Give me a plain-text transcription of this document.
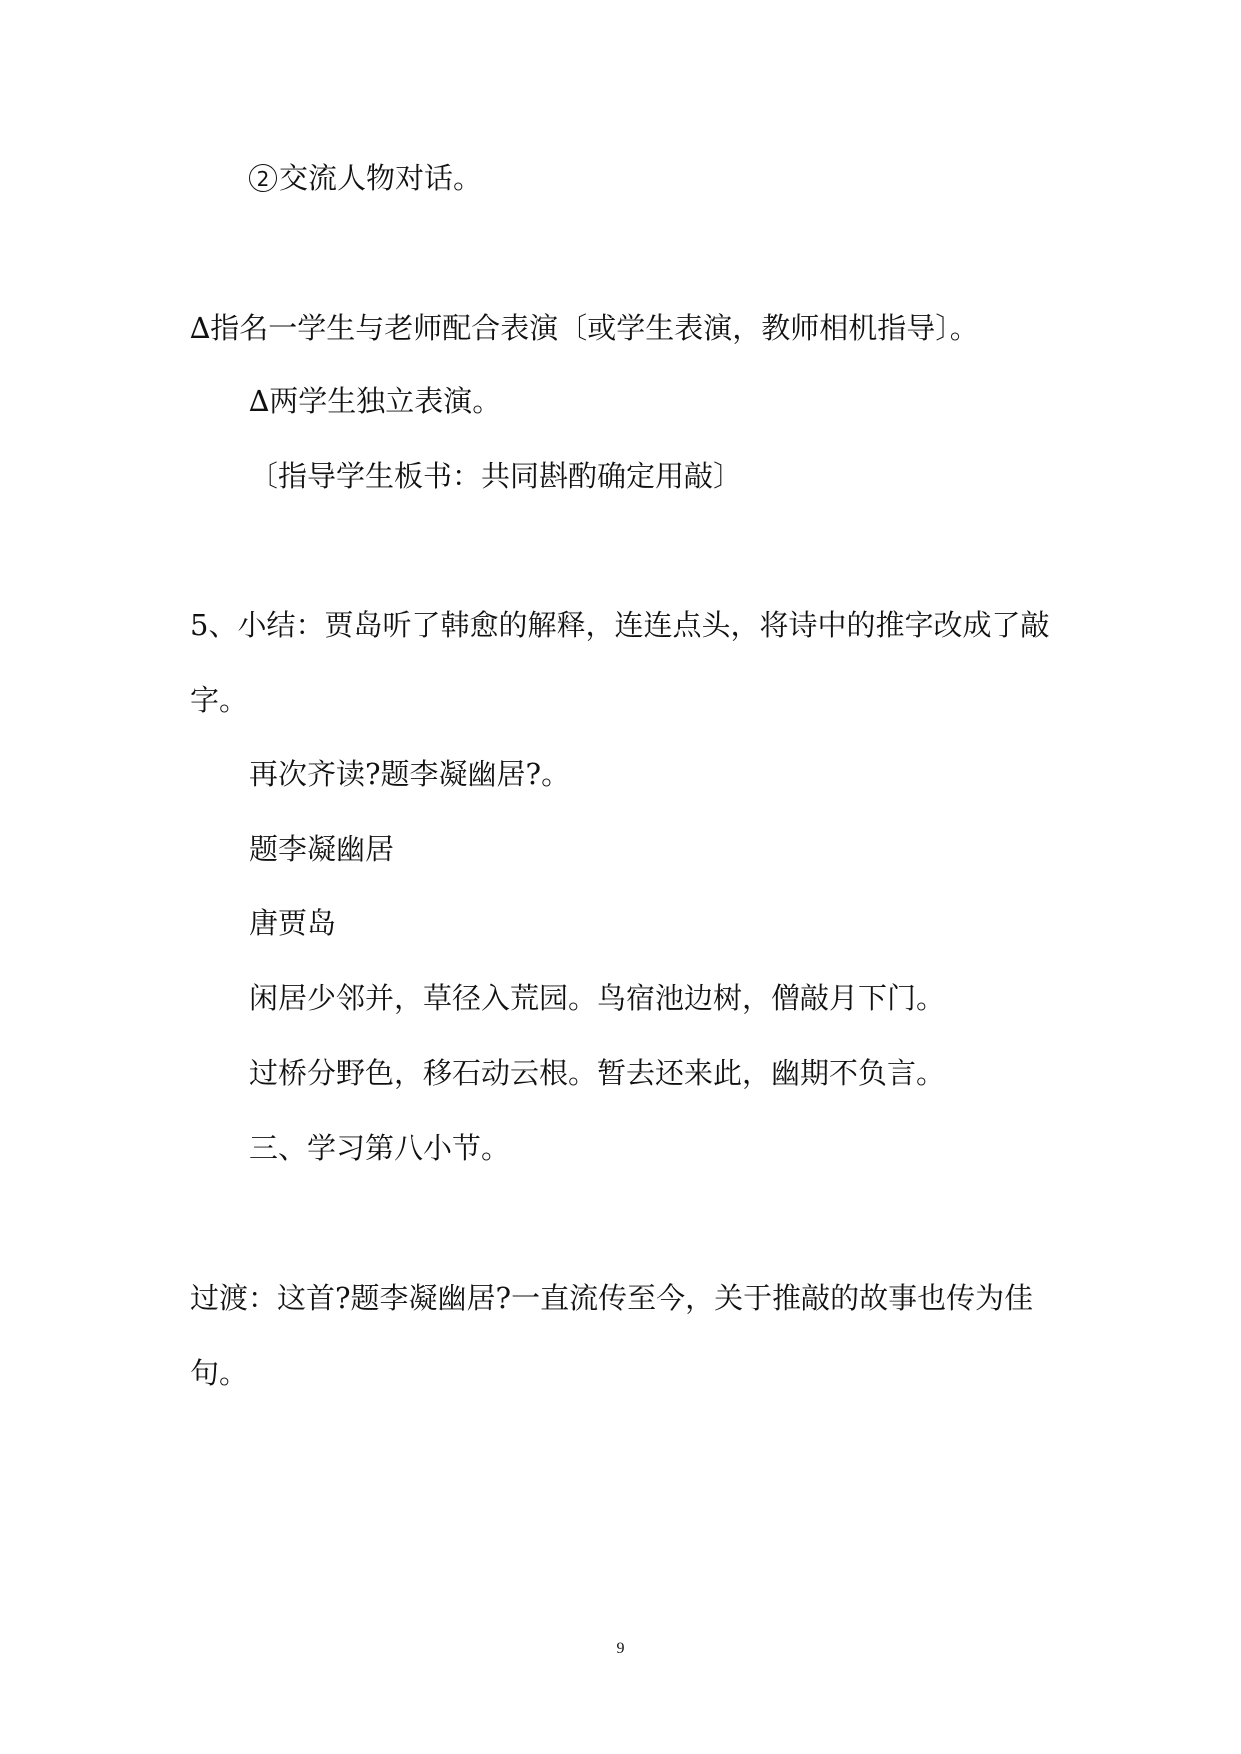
2 交流人物对话。
∆指名一学生与老师配合表演〔或学生表演，教师相机指导〕。
∆两学生独立表演。
〔指导学生板书：共同斟酌确定用敲〕
5、小结：贾岛听了韩愈的解释，连连点头，将诗中的推字改成了敲
字。
再次齐读?题李凝幽居?。
题李凝幽居
唐贾岛
闲居少邻并，草径入荒园。鸟宿池边树，僧敲月下门。
过桥分野色，移石动云根。暂去还来此，幽期不负言。
三、学习第八小节。
过渡：这首?题李凝幽居?一直流传至今，关于推敲的故事也传为佳
句。
9
